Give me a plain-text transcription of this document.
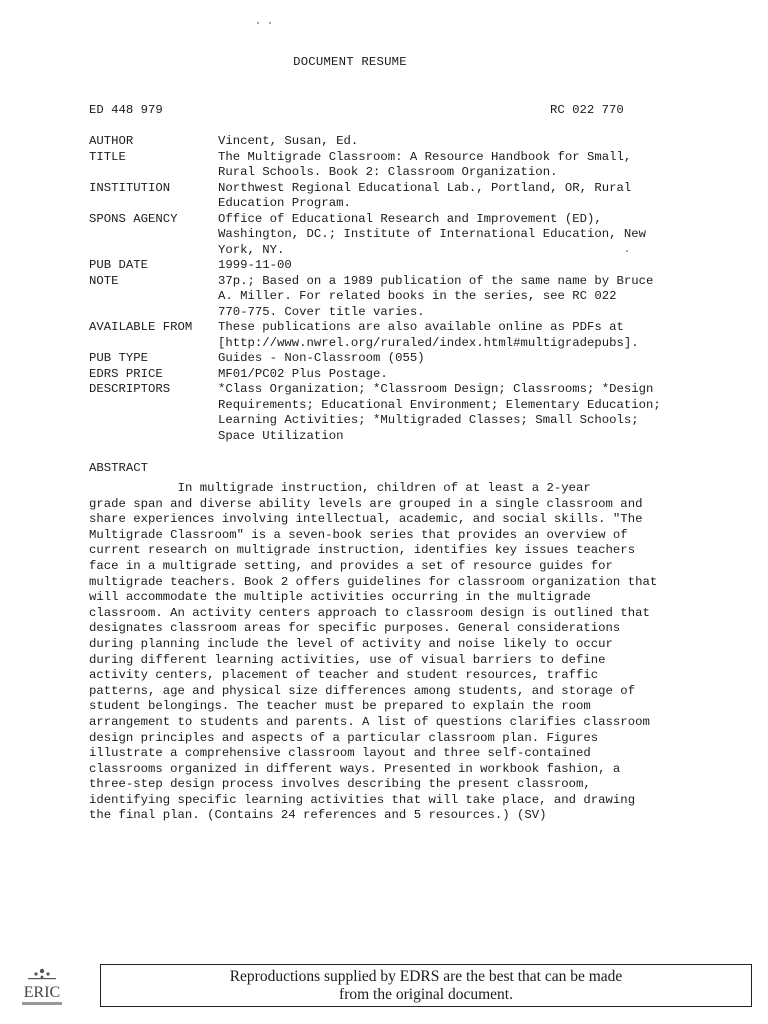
DOCUMENT RESUME
ED 448 979	RC 022 770
AUTHOR	Vincent, Susan, Ed.
TITLE	The Multigrade Classroom: A Resource Handbook for Small,
Rural Schools. Book 2: Classroom Organization.
INSTITUTION	Northwest Regional Educational Lab., Portland, OR, Rural
Education Program.
SPONS AGENCY	Office of Educational Research and Improvement (ED),
Washington, DC.; Institute of International Education, New
York, NY.
PUB DATE	1999-11-00
NOTE	37p.; Based on a 1989 publication of the same name by Bruce
A. Miller. For related books in the series, see RC 022
770-775. Cover title varies.
AVAILABLE FROM	These publications are also available online as PDFs at
[http://www.nwrel.org/ruraled/index.html#multigradepubs].
PUB TYPE	Guides - Non-Classroom (055)
EDRS PRICE	MF01/PC02 Plus Postage.
DESCRIPTORS	*Class Organization; *Classroom Design; Classrooms; *Design
Requirements; Educational Environment; Elementary Education;
Learning Activities; *Multigraded Classes; Small Schools;
Space Utilization
ABSTRACT
In multigrade instruction, children of at least a 2-year
grade span and diverse ability levels are grouped in a single classroom and
share experiences involving intellectual, academic, and social skills. "The
Multigrade Classroom" is a seven-book series that provides an overview of
current research on multigrade instruction, identifies key issues teachers
face in a multigrade setting, and provides a set of resource guides for
multigrade teachers. Book 2 offers guidelines for classroom organization that
will accommodate the multiple activities occurring in the multigrade
classroom. An activity centers approach to classroom design is outlined that
designates classroom areas for specific purposes. General considerations
during planning include the level of activity and noise likely to occur
during different learning activities, use of visual barriers to define
activity centers, placement of teacher and student resources, traffic
patterns, age and physical size differences among students, and storage of
student belongings. The teacher must be prepared to explain the room
arrangement to students and parents. A list of questions clarifies classroom
design principles and aspects of a particular classroom plan. Figures
illustrate a comprehensive classroom layout and three self-contained
classrooms organized in different ways. Presented in workbook fashion, a
three-step design process involves describing the present classroom,
identifying specific learning activities that will take place, and drawing
the final plan. (Contains 24 references and 5 resources.) (SV)
ERIC
Reproductions supplied by EDRS are the best that can be made
from the original document.
